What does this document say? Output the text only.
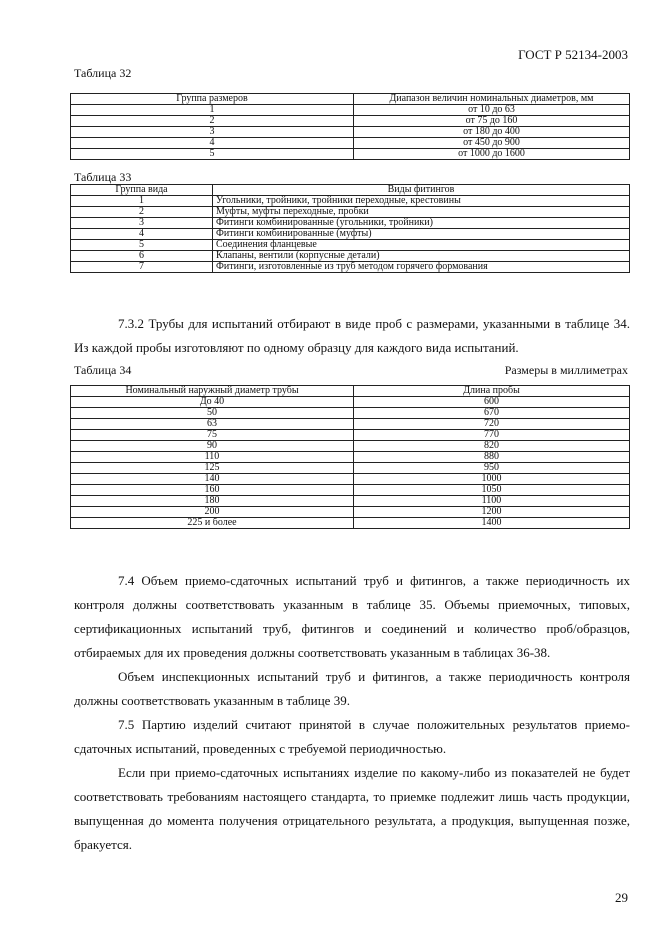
ГОСТ Р 52134-2003
Таблица 32
Группа размеров	Диапазон величин номинальных диаметров, мм
1	от 10 до 63
2	от 75 до 160
3	от 180 до 400
4	от 450 до 900
5	от 1000 до 1600
Таблица 33
Группа вида	Виды фитингов
1	Угольники, тройники, тройники переходные, крестовины
2	Муфты, муфты переходные, пробки
3	Фитинги комбинированные (угольники, тройники)
4	Фитинги комбинированные (муфты)
5	Соединения фланцевые
6	Клапаны, вентили (корпусные детали)
7	Фитинги, изготовленные из труб методом горячего формования

7.3.2 Трубы для испытаний отбирают в виде проб с размерами, указанными в таблице 34. Из каждой пробы изготовляют по одному образцу для каждого вида испытаний.

Таблица 34	Размеры в миллиметрах
Номинальный наружный диаметр трубы	Длина пробы
До 40	600
50	670
63	720
75	770
90	820
110	880
125	950
140	1000
160	1050
180	1100
200	1200
225 и более	1400

7.4 Объем приемо-сдаточных испытаний труб и фитингов, а также периодичность их контроля должны соответствовать указанным в таблице 35. Объемы приемочных, типовых, сертификационных испытаний труб, фитингов и соединений и количество проб/образцов, отбираемых для их проведения должны соответствовать указанным в таблицах 36-38.

Объем инспекционных испытаний труб и фитингов, а также периодичность контроля должны соответствовать указанным в таблице 39.

7.5 Партию изделий считают принятой в случае положительных результатов приемо-сдаточных испытаний, проведенных с требуемой периодичностью.

Если при приемо-сдаточных испытаниях изделие по какому-либо из показателей не будет соответствовать требованиям настоящего стандарта, то приемке подлежит лишь часть продукции, выпущенная до момента получения отрицательного результата, а продукция, выпущенная позже, бракуется.

29
